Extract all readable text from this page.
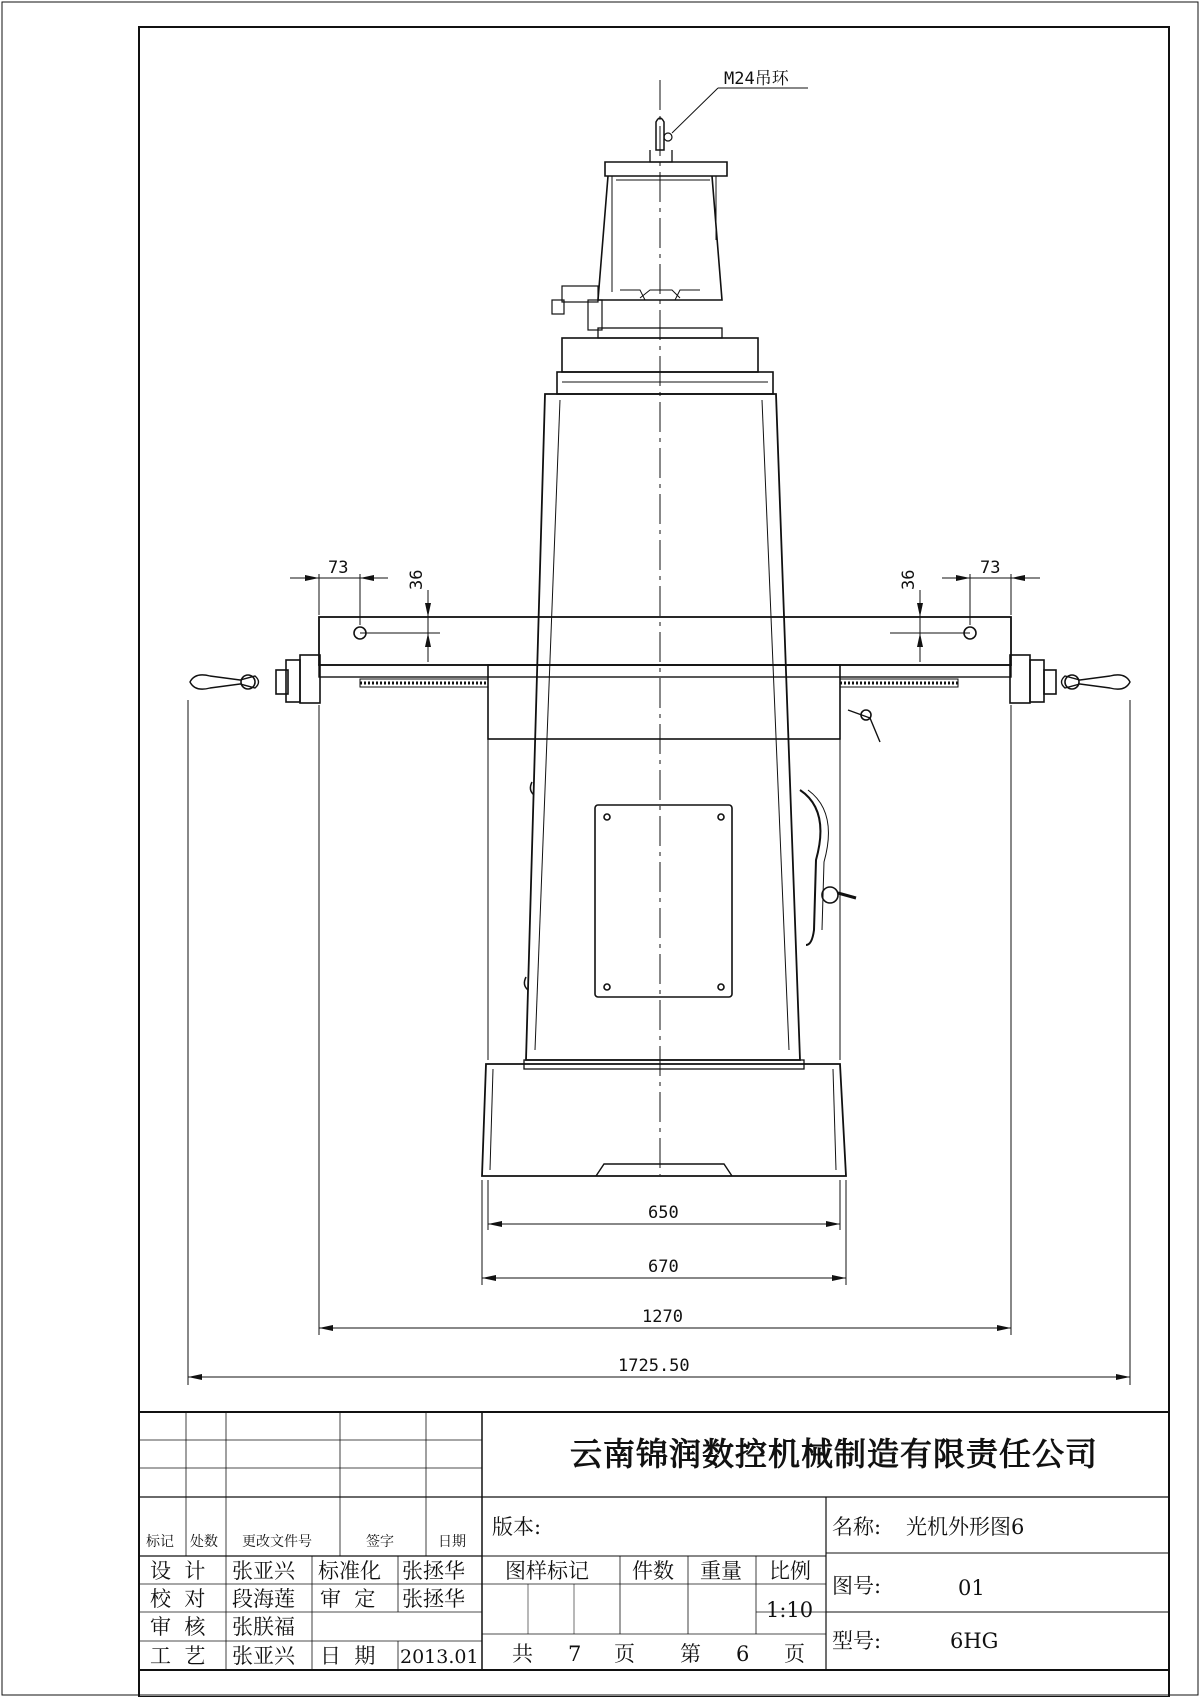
M24吊环
73
36
73
36
650
670
1270
1725.50
云南锦润数控机械制造有限责任公司
标记 处数 更改文件号	签字	日期
设  计 张亚兴 标准化 张拯华
校  对 段海莲 审  定 张拯华
审  核 张朕福
工  艺 张亚兴 日  期 2013.01
版本:	名称: 光机外形图6
图样标记 件数 重量 比例
1:10
图号:	01
型号:	6HG
共 7 页 第 6 页
